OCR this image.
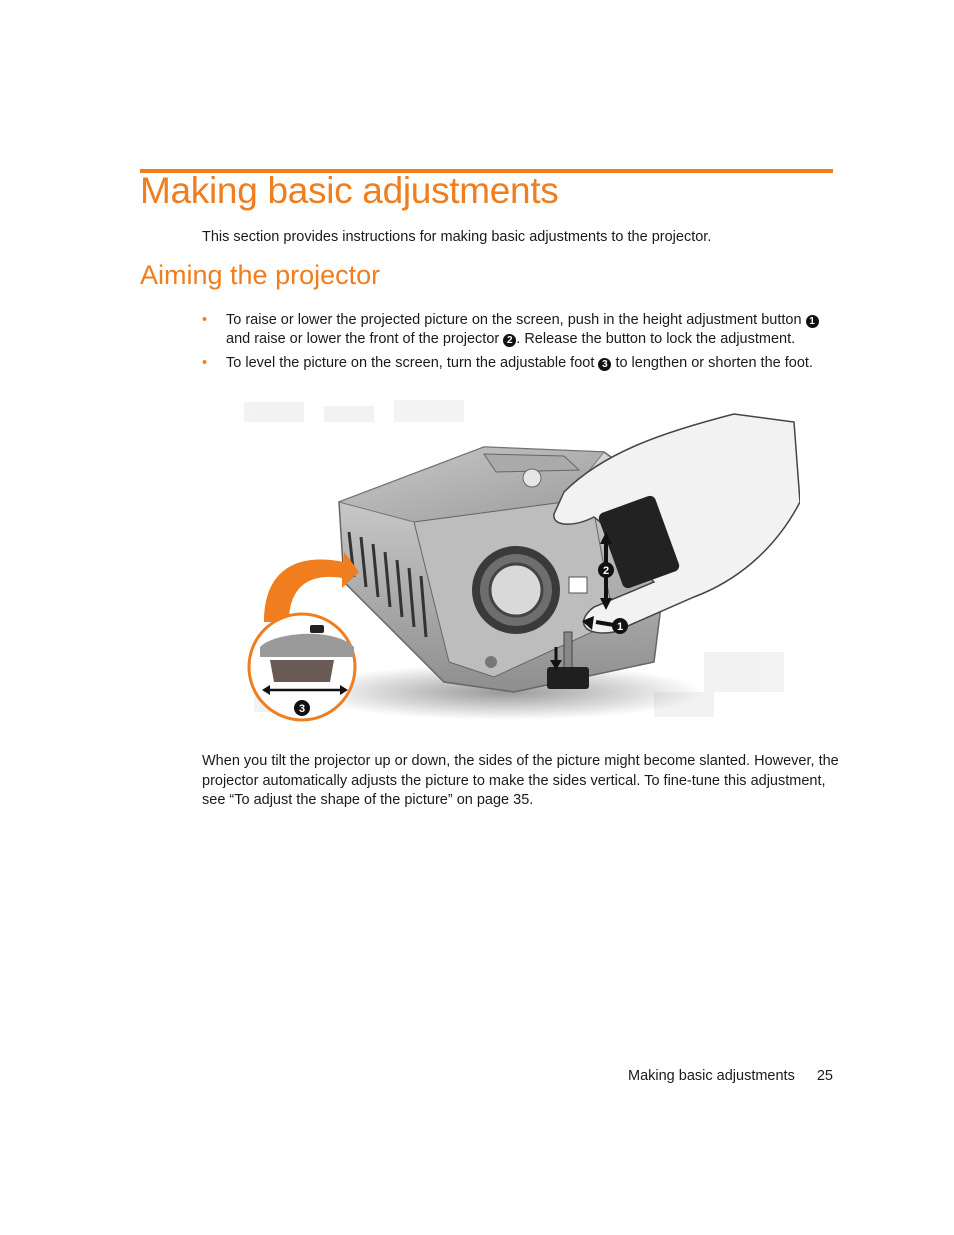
Making basic adjustments

This section provides instructions for making basic adjustments to the projector.

Aiming the projector
• To raise or lower the projected picture on the screen, push in the height adjustment button 1 and raise or lower the front of the projector 2 . Release the button to lock the adjustment.
• To level the picture on the screen, turn the adjustable foot 3 to lengthen or shorten the foot.
2
1
3

When you tilt the projector up or down, the sides of the picture might become slanted. However, the projector automatically adjusts the picture to make the sides vertical. To fine-tune this adjustment, see “To adjust the shape of the picture” on page 35.

Making basic adjustments 25
